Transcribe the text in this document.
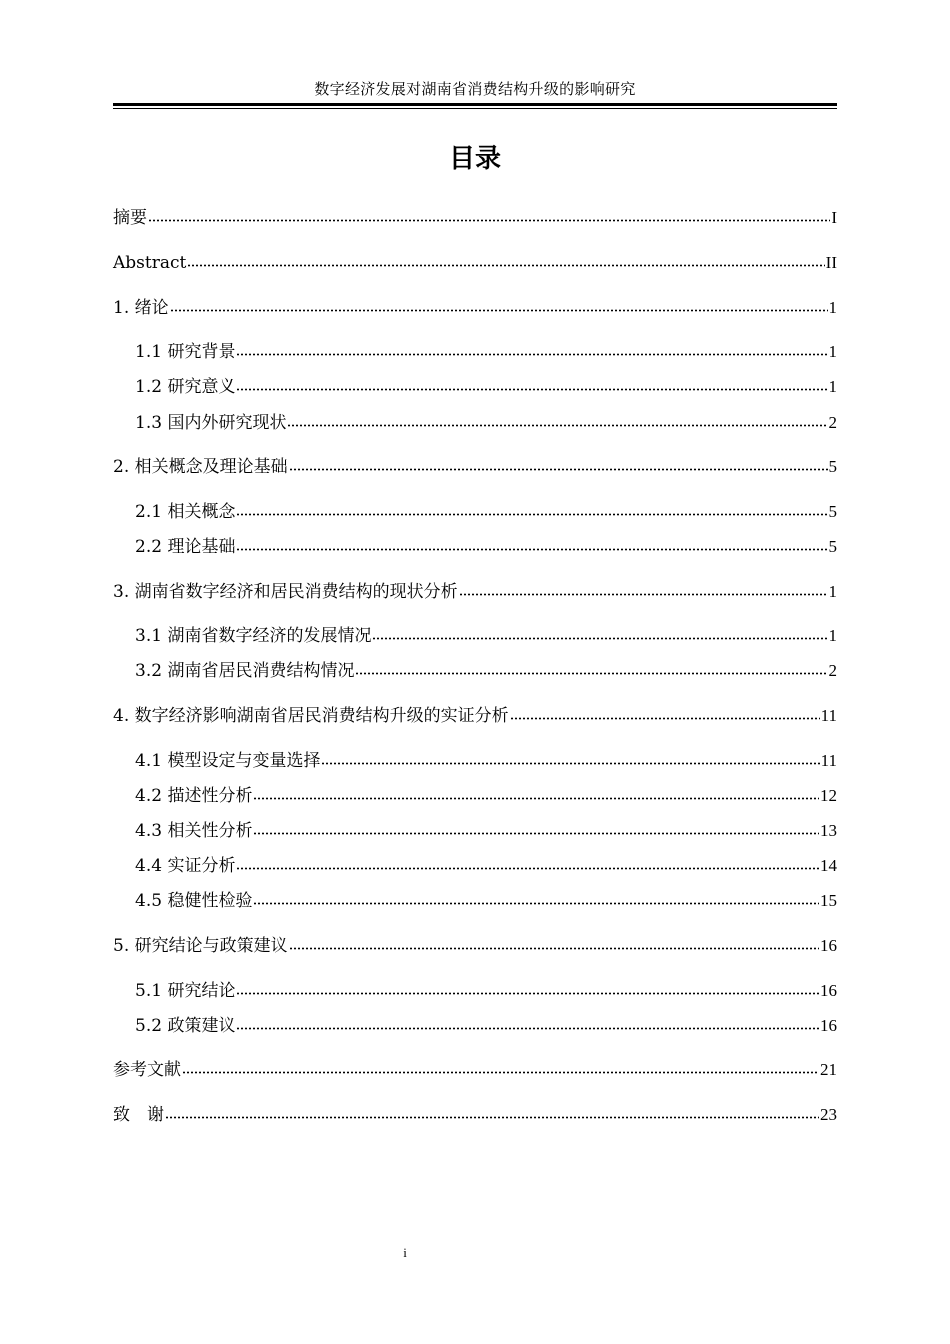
数字经济发展对湖南省消费结构升级的影响研究
目录
摘要	I
Abstract	II
1. 绪论	1
1.1 研究背景	1
1.2 研究意义	1
1.3 国内外研究现状	2
2. 相关概念及理论基础	5
2.1 相关概念	5
2.2 理论基础	5
3. 湖南省数字经济和居民消费结构的现状分析	1
3.1 湖南省数字经济的发展情况	1
3.2 湖南省居民消费结构情况	2
4. 数字经济影响湖南省居民消费结构升级的实证分析	11
4.1 模型设定与变量选择	11
4.2 描述性分析	12
4.3 相关性分析	13
4.4 实证分析	14
4.5 稳健性检验	15
5. 研究结论与政策建议	16
5.1 研究结论	16
5.2 政策建议	16
参考文献	21
致　谢	23
i
